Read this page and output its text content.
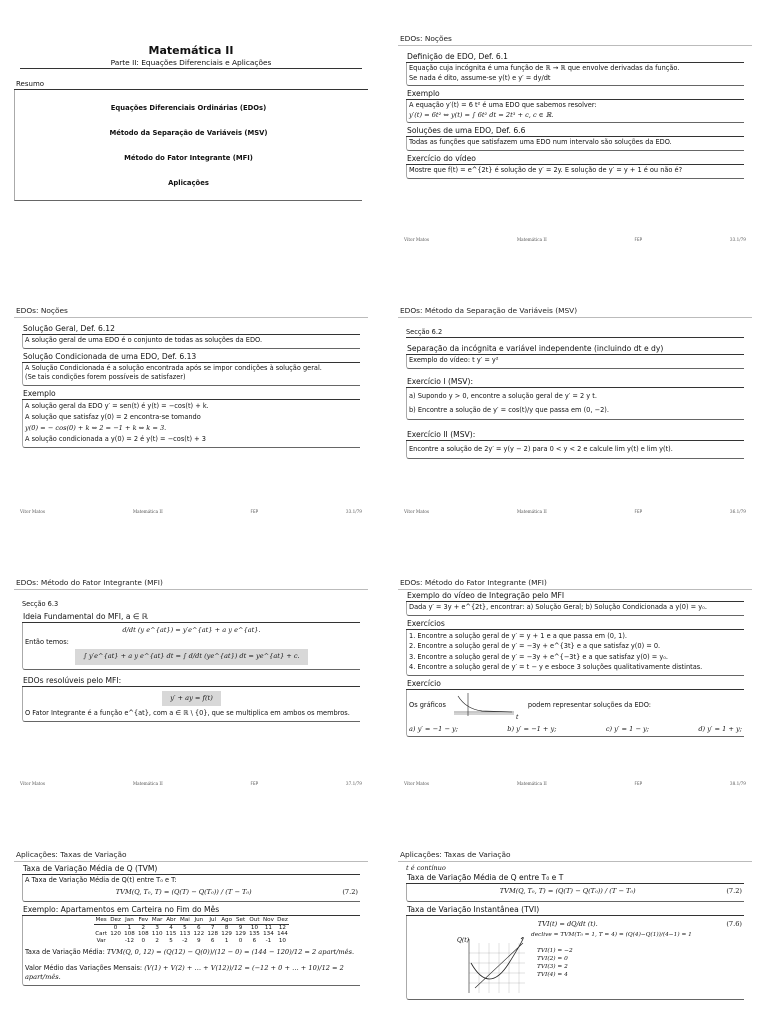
Matemática II
Parte II: Equações Diferenciais e Aplicações
Resumo
Equações Diferenciais Ordinárias (EDOs)
Método da Separação de Variáveis (MSV)
Método do Fator Integrante (MFI)
Aplicações
EDOs: Noções
Definição de EDO, Def. 6.1
Equação cuja incógnita é uma função de ℝ → ℝ que envolve derivadas da função.
Se nada é dito, assume-se y(t) e y′ = dy/dt
Exemplo
A equação y′(t) = 6 t² é uma EDO que sabemos resolver:
y′(t) = 6t² ⇔ y(t) = ∫ 6t² dt = 2t³ + c, c ∈ ℝ.
Soluções de uma EDO, Def. 6.6
Todas as funções que satisfazem uma EDO num intervalo são soluções da EDO.
Exercício do vídeo
Mostre que f(t) = e^{2t} é solução de y′ = 2y. E solução de y′ = y + 1 é ou não é?
Vítor Matos	Matemática II	FEP	33.1/79
EDOs: Noções
Solução Geral, Def. 6.12
A solução geral de uma EDO é o conjunto de todas as soluções da EDO.
Solução Condicionada de uma EDO, Def. 6.13
A Solução Condicionada é a solução encontrada após se impor condições à solução geral.
(Se tais condições forem possíveis de satisfazer)
Exemplo
A solução geral da EDO y′ = sen(t) é y(t) = −cos(t) + k.
A solução que satisfaz y(0) = 2 encontra-se tomando
y(0) = − cos(0) + k ⇔ 2 = −1 + k ⇔ k = 3.
A solução condicionada a y(0) = 2 é y(t) = −cos(t) + 3
Vítor Matos	Matemática II	FEP	33.1/79
EDOs: Método da Separação de Variáveis (MSV)
Secção 6.2
Separação da incógnita e variável independente (incluindo dt e dy)
Exemplo do vídeo: t y′ = y²
Exercício I (MSV):
a) Supondo y > 0, encontre a solução geral de y′ = 2 y t.
b) Encontre a solução de y′ = cos(t)/y que passa em (0, −2).
Exercício II (MSV):
Encontre a solução de 2y′ = y(y − 2) para 0 < y < 2 e calcule lim y(t) e lim y(t).
Vítor Matos	Matemática II	FEP	36.1/79
EDOs: Método do Fator Integrante (MFI)
Secção 6.3
Ideia Fundamental do MFI, a ∈ ℝ
d/dt (y e^{at}) = y′e^{at} + a y e^{at}.
Então temos:
∫ y′e^{at} + a y e^{at} dt = ∫ d/dt (ye^{at}) dt = ye^{at} + c.
EDOs resolúveis pelo MFI:
y′ + ay = f(t)
O Fator Integrante é a função e^{at}, com a ∈ ℝ \ {0}, que se multiplica em ambos os membros.
Vítor Matos	Matemática II	FEP	37.1/79
EDOs: Método do Fator Integrante (MFI)
Exemplo do vídeo de Integração pelo MFI
Dada y′ = 3y + e^{2t}, encontrar: a) Solução Geral; b) Solução Condicionada a y(0) = y₀.
Exercícios
1. Encontre a solução geral de y′ = y + 1 e a que passa em (0, 1).
2. Encontre a solução geral de y′ = −3y + e^{3t} e a que satisfaz y(0) = 0.
3. Encontre a solução geral de y′ = −3y + e^{−3t} e a que satisfaz y(0) = y₀.
4. Encontre a solução geral de y′ = t − y e esboce 3 soluções qualitativamente distintas.
Exercício
Os gráficos
t
podem representar soluções da EDO:
a) y′ = −1 − y;	b) y′ = −1 + y;	c) y′ = 1 − y;	d) y′ = 1 + y;
Vítor Matos	Matemática II	FEP	38.1/79
Aplicações: Taxas de Variação
Taxa de Variação Média de Q (TVM)
A Taxa de Variação Média de Q(t) entre T₀ e T:
TVM(Q, T₀, T) = (Q(T) − Q(T₀)) / (T − T₀)	(7.2)
Exemplo: Apartamentos em Carteira no Fim do Mês
Mes	Dez	Jan	Fev	Mar	Abr	Mai	Jun	Jul	Ago	Set	Out	Nov	Dez
	0	1	2	3	4	5	6	7	8	9	10	11	12
Cart	120	108	108	110	115	113	122	128	129	129	135	134	144
Var		-12	0	2	5	-2	9	6	1	0	6	-1	10
Taxa de Variação Média: TVM(Q, 0, 12) = (Q(12) − Q(0))/(12 − 0) = (144 − 120)/12 = 2 apart/mês.
Valor Médio das Variações Mensais: (V(1) + V(2) + … + V(12))/12 = (−12 + 0 + … + 10)/12 = 2 apart/mês.
Aplicações: Taxas de Variação
t é contínuo
Taxa de Variação Média de Q entre T₀ e T
TVM(Q, T₀, T) = (Q(T) − Q(T₀)) / (T − T₀)	(7.2)
Taxa de Variação Instantânea (TVI)
TVI(t) = dQ/dt (t).	(7.6)
Q(t)
declive = TVM(T₀ = 1, T = 4) = (Q(4)−Q(1))/(4−1) = 1
TVI(1) = −2
TVI(2) = 0
TVI(3) = 2
TVI(4) = 4
